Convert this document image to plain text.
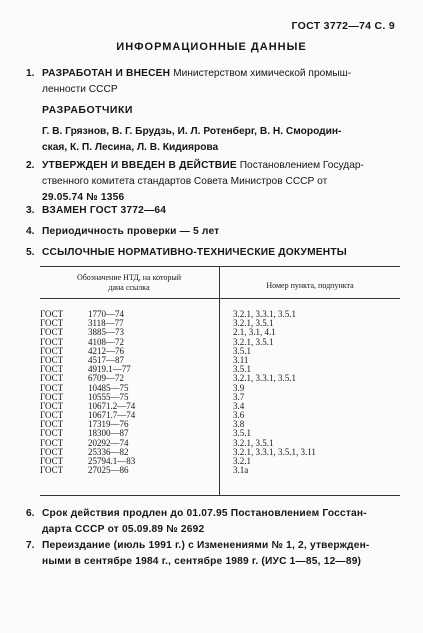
ГОСТ 3772—74 С. 9
ИНФОРМАЦИОННЫЕ ДАННЫЕ
1. РАЗРАБОТАН И ВНЕСЕН Министерством химической промыш-
ленности СССР
РАЗРАБОТЧИКИ
Г. В. Грязнов, В. Г. Брудзь, И. Л. Ротенберг, В. Н. Смородин-
ская, К. П. Лесина, Л. В. Кидиярова
2. УТВЕРЖДЕН И ВВЕДЕН В ДЕЙСТВИЕ Постановлением Государ-
ственного комитета стандартов Совета Министров СССР от
29.05.74 № 1356
3. ВЗАМЕН ГОСТ 3772—64
4. Периодичность проверки — 5 лет
5. ССЫЛОЧНЫЕ НОРМАТИВНО-ТЕХНИЧЕСКИЕ ДОКУМЕНТЫ
Обозначение НТД, на который
дана ссылка	Номер пункта, подпункта
ГОСТ	1770—74	3.2.1, 3.3.1, 3.5.1
ГОСТ	3118—77	3.2.1, 3.5.1
ГОСТ	3885—73	2.1, 3.1, 4.1
ГОСТ	4108—72	3.2.1, 3.5.1
ГОСТ	4212—76	3.5.1
ГОСТ	4517—87	3.11
ГОСТ	4919.1—77	3.5.1
ГОСТ	6709—72	3.2.1, 3.3.1, 3.5.1
ГОСТ	10485—75	3.9
ГОСТ	10555—75	3.7
ГОСТ	10671.2—74	3.4
ГОСТ	10671.7—74	3.6
ГОСТ	17319—76	3.8
ГОСТ	18300—87	3.5.1
ГОСТ	20292—74	3.2.1, 3.5.1
ГОСТ	25336—82	3.2.1, 3.3.1, 3.5.1, 3.11
ГОСТ	25794.1—83	3.2.1
ГОСТ	27025—86	3.1а
6. Срок действия продлен до 01.07.95 Постановлением Госстан-
дарта СССР от 05.09.89 № 2692
7. Переиздание (июль 1991 г.) с Изменениями № 1, 2, утвержден-
ными в сентябре 1984 г., сентябре 1989 г. (ИУС 1—85, 12—89)
